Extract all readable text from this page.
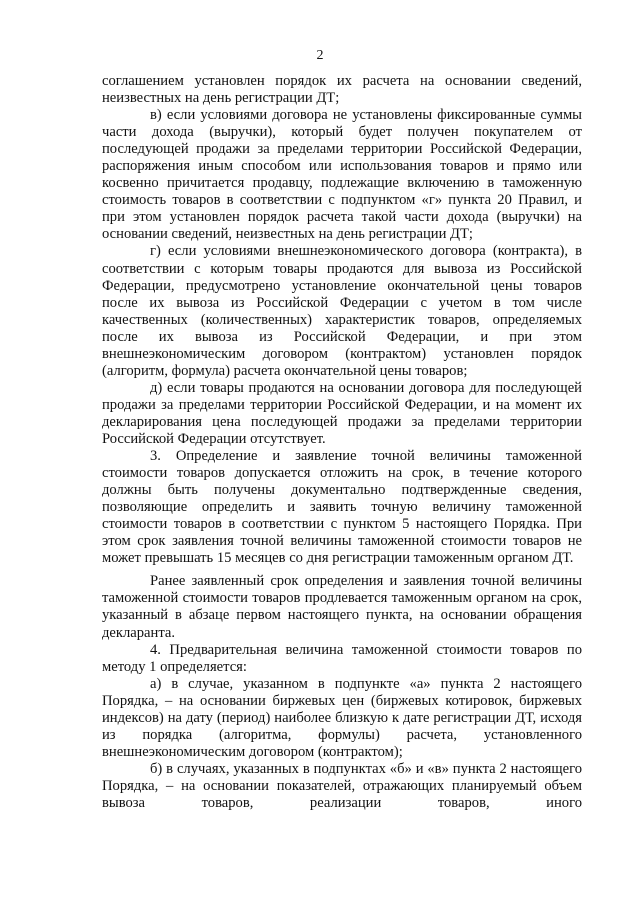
2

соглашением установлен порядок их расчета на основании сведений, неизвестных на день регистрации ДТ;

в) если условиями договора не установлены фиксированные суммы части дохода (выручки), который будет получен покупателем от последующей продажи за пределами территории Российской Федерации, распоряжения иным способом или использования товаров и прямо или косвенно причитается продавцу, подлежащие включению в таможенную стоимость товаров в соответствии с подпунктом «г» пункта 20 Правил, и при этом установлен порядок расчета такой части дохода (выручки) на основании сведений, неизвестных на день регистрации ДТ;

г) если условиями внешнеэкономического договора (контракта), в соответствии с которым товары продаются для вывоза из Российской Федерации, предусмотрено установление окончательной цены товаров после их вывоза из Российской Федерации с учетом в том числе качественных (количественных) характеристик товаров, определяемых после их вывоза из Российской Федерации, и при этом внешнеэкономическим договором (контрактом) установлен порядок (алгоритм, формула) расчета окончательной цены товаров;

д) если товары продаются на основании договора для последующей продажи за пределами территории Российской Федерации, и на момент их декларирования цена последующей продажи за пределами территории Российской Федерации отсутствует.

3. Определение и заявление точной величины таможенной стоимости товаров допускается отложить на срок, в течение которого должны быть получены документально подтвержденные сведения, позволяющие определить и заявить точную величину таможенной стоимости товаров в соответствии с пунктом 5 настоящего Порядка. При этом срок заявления точной величины таможенной стоимости товаров не может превышать 15 месяцев со дня регистрации таможенным органом ДТ.

Ранее заявленный срок определения и заявления точной величины таможенной стоимости товаров продлевается таможенным органом на срок, указанный в абзаце первом настоящего пункта, на основании обращения декларанта.

4. Предварительная величина таможенной стоимости товаров по методу 1 определяется:

а) в случае, указанном в подпункте «а» пункта 2 настоящего Порядка, – на основании биржевых цен (биржевых котировок, биржевых индексов) на дату (период) наиболее близкую к дате регистрации ДТ, исходя из порядка (алгоритма, формулы) расчета, установленного внешнеэкономическим договором (контрактом);

б) в случаях, указанных в подпунктах «б» и «в» пункта 2 настоящего Порядка, – на основании показателей, отражающих планируемый объем вывоза товаров, реализации товаров, иного
